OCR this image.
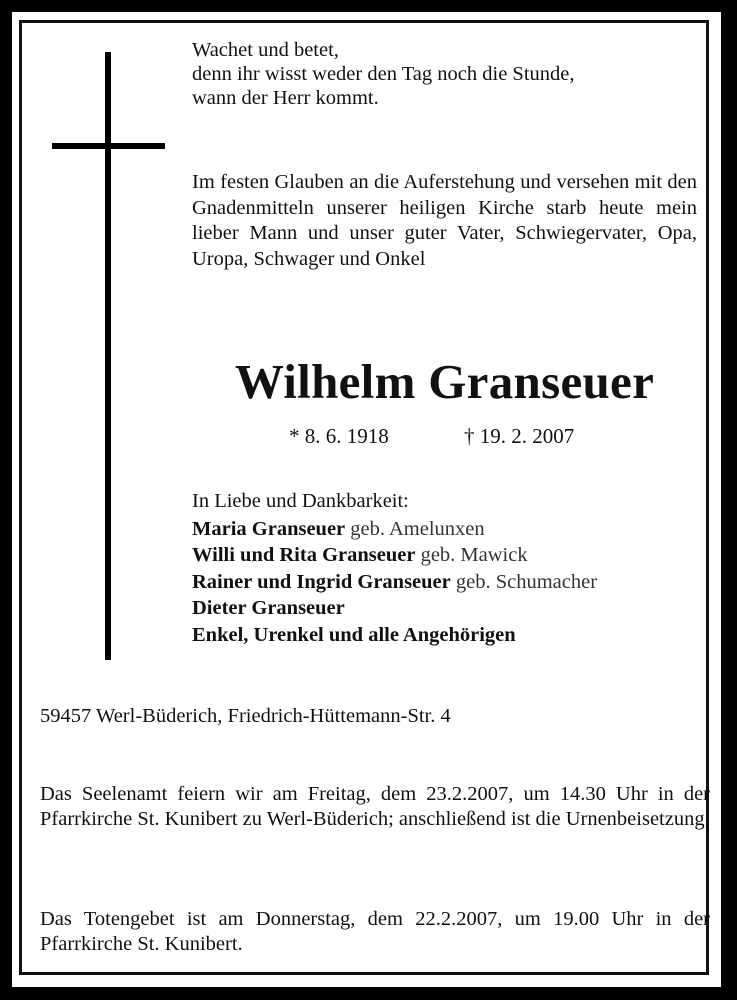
Wachet und betet,
denn ihr wisst weder den Tag noch die Stunde,
wann der Herr kommt.
Im festen Glauben an die Auferstehung und versehen mit den Gnadenmitteln unserer heiligen Kirche starb heute mein lieber Mann und unser guter Vater, Schwiegervater, Opa, Uropa, Schwager und Onkel
Wilhelm Granseuer
* 8. 6. 1918	† 19. 2. 2007
In Liebe und Dankbarkeit:
Maria Granseuer geb. Amelunxen
Willi und Rita Granseuer geb. Mawick
Rainer und Ingrid Granseuer geb. Schumacher
Dieter Granseuer
Enkel, Urenkel und alle Angehörigen
59457 Werl-Büderich, Friedrich-Hüttemann-Str. 4
Das Seelenamt feiern wir am Freitag, dem 23.2.2007, um 14.30 Uhr in der Pfarrkirche St. Kunibert zu Werl-Büderich; anschließend ist die Urnenbeisetzung.
Das Totengebet ist am Donnerstag, dem 22.2.2007, um 19.00 Uhr in der Pfarrkirche St. Kunibert.
